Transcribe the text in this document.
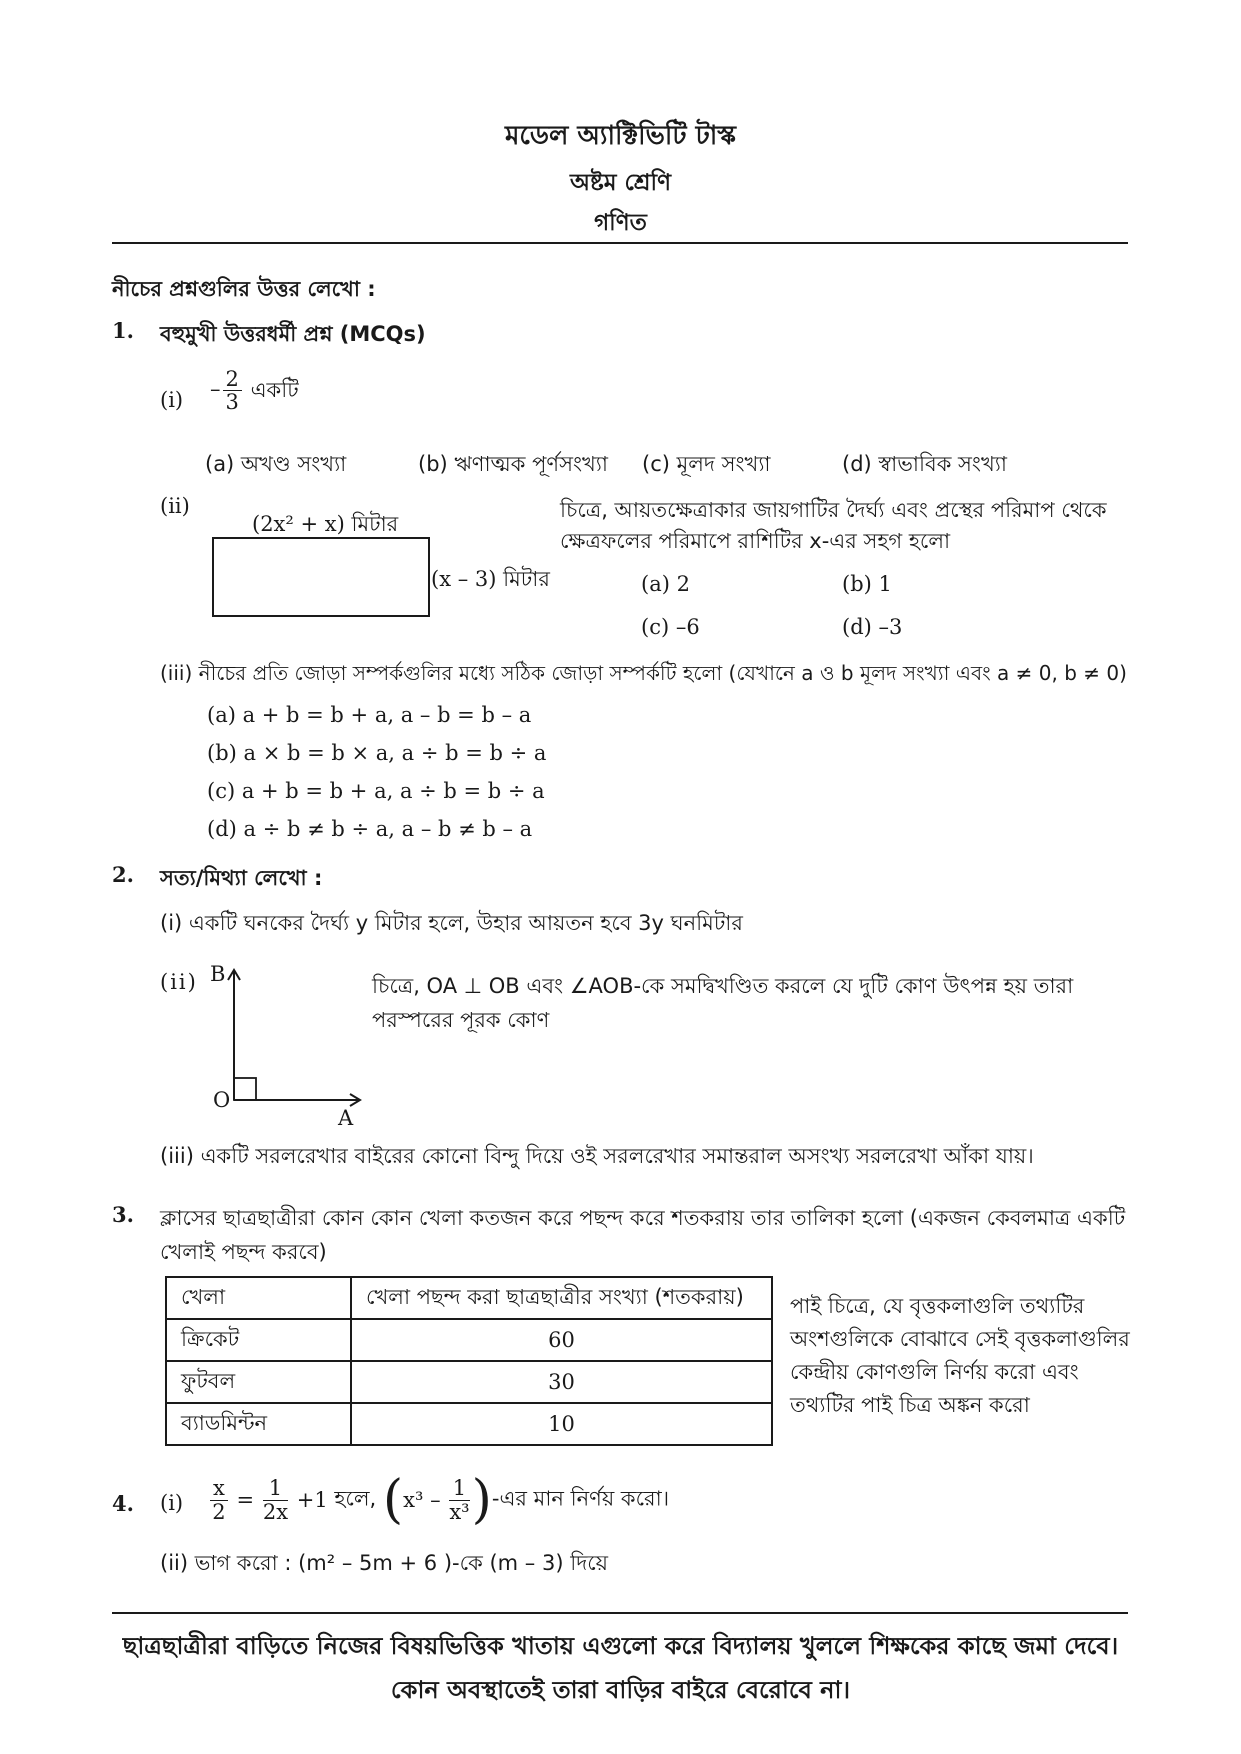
মডেল অ্যাক্টিভিটি টাস্ক
অষ্টম শ্রেণি
গণিত
নীচের প্রশ্নগুলির উত্তর লেখো :
1. বহুমুখী উত্তরধর্মী প্রশ্ন (MCQs)
$(i) - \frac{2}{3}$ একটি
(a) অখণ্ড সংখ্যা	(b) ঋণাত্মক পূর্ণসংখ্যা (c) মূলদ সংখ্যা	(d) স্বাভাবিক সংখ্যা
(ii)
(2x² + x) মিটার
(x – 3) মিটার
চিত্রে, আয়তক্ষেত্রাকার জায়গাটির দৈর্ঘ্য এবং প্রস্থের পরিমাপ থেকে
ক্ষেত্রফলের পরিমাপে রাশিটির x-এর সহগ হলো
(a) 2	(b) 1
(c) –6	(d) –3
(iii) নীচের প্রতি জোড়া সম্পর্কগুলির মধ্যে সঠিক জোড়া সম্পর্কটি হলো (যেখানে a ও b মূলদ সংখ্যা এবং a ≠ 0, b ≠ 0)
(a) a + b = b + a, a – b = b – a
(b) a × b = b × a, a ÷ b = b ÷ a
(c) a + b = b + a, a ÷ b = b ÷ a
(d) a ÷ b ≠ b ÷ a, a – b ≠ b – a
2. সত্য/মিথ্যা লেখো :
(i) একটি ঘনকের দৈর্ঘ্য y মিটার হলে, উহার আয়তন হবে 3y ঘনমিটার
(ii) B
O
A
চিত্রে, OA ⊥ OB এবং ∠AOB-কে সমদ্বিখণ্ডিত করলে যে দুটি কোণ উৎপন্ন হয় তারা
পরস্পরের পূরক কোণ
(iii) একটি সরলরেখার বাইরের কোনো বিন্দু দিয়ে ওই সরলরেখার সমান্তরাল অসংখ্য সরলরেখা আঁকা যায়।
3. ক্লাসের ছাত্রছাত্রীরা কোন কোন খেলা কতজন করে পছন্দ করে শতকরায় তার তালিকা হলো (একজন কেবলমাত্র একটি
খেলাই পছন্দ করবে)
খেলা	খেলা পছন্দ করা ছাত্রছাত্রীর সংখ্যা (শতকরায়)
ক্রিকেট	60
ফুটবল	30
ব্যাডমিন্টন	10
পাই চিত্রে, যে বৃত্তকলাগুলি তথ্যটির
অংশগুলিকে বোঝাবে সেই বৃত্তকলাগুলির
কেন্দ্রীয় কোণগুলি নির্ণয় করো এবং
তথ্যটির পাই চিত্র অঙ্কন করো
4. $(i) \frac{x}{2} = \frac{1}{2x} +1$ হলে, ($x^3 - \frac{1}{\text{x³}}$ )-এর মান নির্ণয় করো।
(ii) ভাগ করো : (m² – 5m + 6 )-কে (m – 3) দিয়ে
ছাত্রছাত্রীরা বাড়িতে নিজের বিষয়ভিত্তিক খাতায় এগুলো করে বিদ্যালয় খুললে শিক্ষকের কাছে জমা দেবে।
কোন অবস্থাতেই তারা বাড়ির বাইরে বেরোবে না।
